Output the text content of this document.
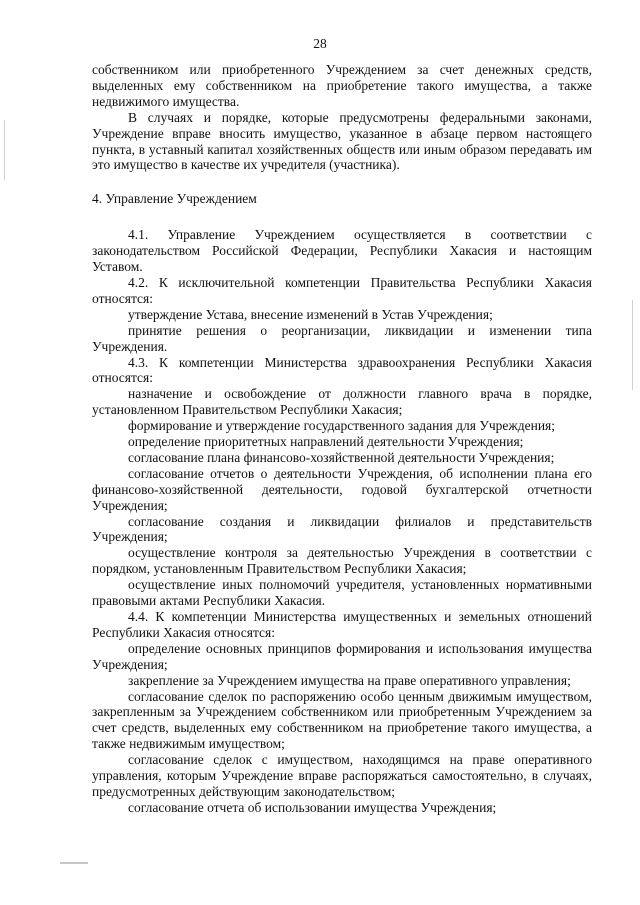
28

собственником или приобретенного Учреждением за счет денежных средств, выделенных ему собственником на приобретение такого имущества, а также недвижимого имущества.

В случаях и порядке, которые предусмотрены федеральными законами, Учреждение вправе вносить имущество, указанное в абзаце первом настоящего пункта, в уставный капитал хозяйственных обществ или иным образом передавать им это имущество в качестве их учредителя (участника).

4. Управление Учреждением

4.1. Управление Учреждением осуществляется в соответствии с законодательством Российской Федерации, Республики Хакасия и настоящим Уставом.

4.2. К исключительной компетенции Правительства Республики Хакасия относятся:

утверждение Устава, внесение изменений в Устав Учреждения;

принятие решения о реорганизации, ликвидации и изменении типа Учреждения.

4.3. К компетенции Министерства здравоохранения Республики Хакасия относятся:

назначение и освобождение от должности главного врача в порядке, установленном Правительством Республики Хакасия;

формирование и утверждение государственного задания для Учреждения;

определение приоритетных направлений деятельности Учреждения;

согласование плана финансово-хозяйственной деятельности Учреждения;

согласование отчетов о деятельности Учреждения, об исполнении плана его финансово-хозяйственной деятельности, годовой бухгалтерской отчетности Учреждения;

согласование создания и ликвидации филиалов и представительств Учреждения;

осуществление контроля за деятельностью Учреждения в соответствии с порядком, установленным Правительством Республики Хакасия;

осуществление иных полномочий учредителя, установленных нормативными правовыми актами Республики Хакасия.

4.4. К компетенции Министерства имущественных и земельных отношений Республики Хакасия относятся:

определение основных принципов формирования и использования имущества Учреждения;

закрепление за Учреждением имущества на праве оперативного управления;

согласование сделок по распоряжению особо ценным движимым имуществом, закрепленным за Учреждением собственником или приобретенным Учреждением за счет средств, выделенных ему собственником на приобретение такого имущества, а также недвижимым имуществом;

согласование сделок с имуществом, находящимся на праве оперативного управления, которым Учреждение вправе распоряжаться самостоятельно, в случаях, предусмотренных действующим законодательством;

согласование отчета об использовании имущества Учреждения;
